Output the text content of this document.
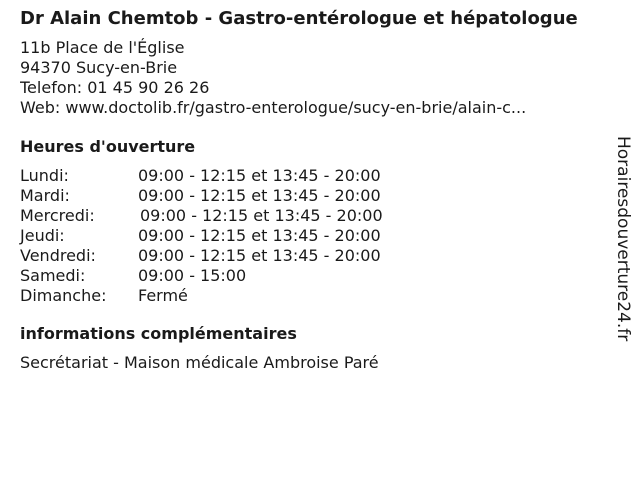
Dr Alain Chemtob - Gastro-entérologue et hépatologue
11b Place de l'Église
94370 Sucy-en-Brie
Telefon: 01 45 90 26 26
Web: www.doctolib.fr/gastro-enterologue/sucy-en-brie/alain-c...
Heures d'ouverture
Lundi:	09:00 - 12:15 et 13:45 - 20:00
Mardi:	09:00 - 12:15 et 13:45 - 20:00
Mercredi:	09:00 - 12:15 et 13:45 - 20:00
Jeudi:	09:00 - 12:15 et 13:45 - 20:00
Vendredi:	09:00 - 12:15 et 13:45 - 20:00
Samedi:	09:00 - 15:00
Dimanche:	Fermé
informations complémentaires
Secrétariat - Maison médicale Ambroise Paré
Horairesdouverture24.fr
